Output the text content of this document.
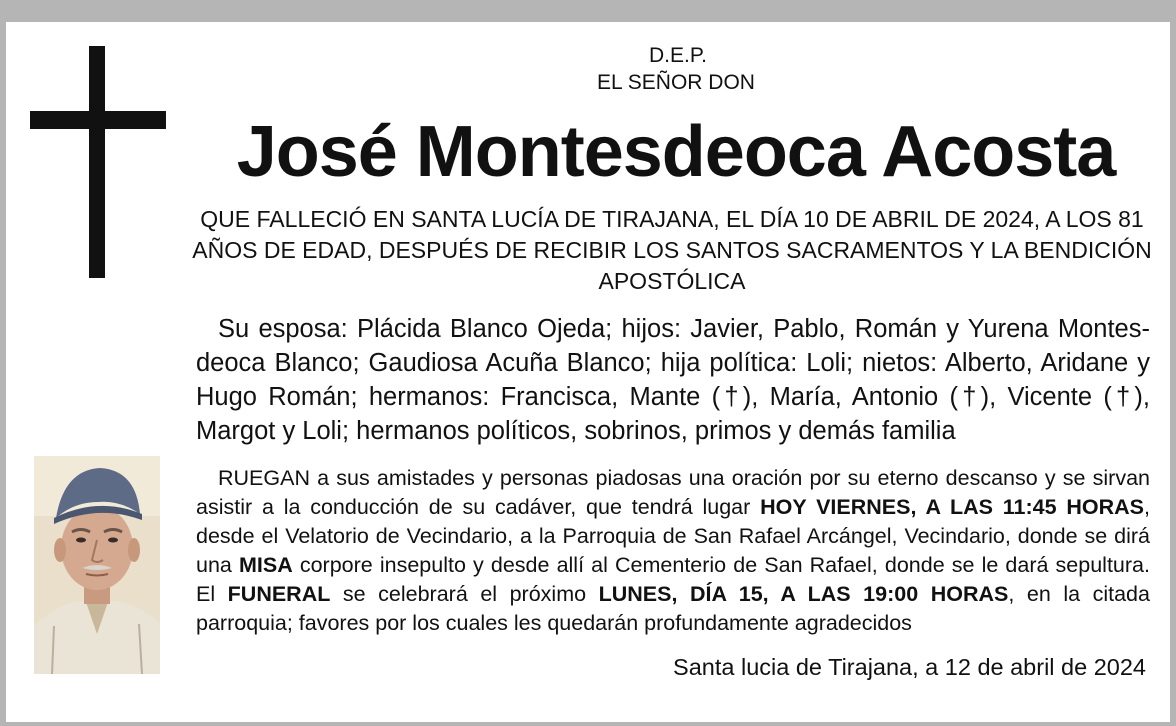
D.E.P.
EL SEÑOR DON
José Montesdeoca Acosta
QUE FALLECIÓ EN SANTA LUCÍA DE TIRAJANA, EL DÍA 10 DE ABRIL DE 2024, A LOS 81 AÑOS DE EDAD, DESPUÉS DE RECIBIR LOS SANTOS SACRAMENTOS Y LA BENDICIÓN APOSTÓLICA
Su esposa: Plácida Blanco Ojeda; hijos: Javier, Pablo, Román y Yurena Montes-deoca Blanco; Gaudiosa Acuña Blanco; hija política: Loli; nietos: Alberto, Aridane y Hugo Román; hermanos: Francisca, Mante (†), María, Antonio (†), Vicente (†), Margot y Loli; hermanos políticos, sobrinos, primos y demás familia
RUEGAN a sus amistades y personas piadosas una oración por su eterno descanso y se sirvan asistir a la conducción de su cadáver, que tendrá lugar HOY VIERNES, A LAS 11:45 HORAS, desde el Velatorio de Vecindario, a la Parroquia de San Rafael Arcángel, Vecindario, donde se dirá una MISA corpore insepulto y desde allí al Cementerio de San Rafael, donde se le dará sepultura. El FUNERAL se celebrará el próximo LUNES, DÍA 15, A LAS 19:00 HORAS, en la citada parroquia; favores por los cuales les quedarán profundamente agradecidos
Santa lucia de Tirajana, a 12 de abril de 2024
